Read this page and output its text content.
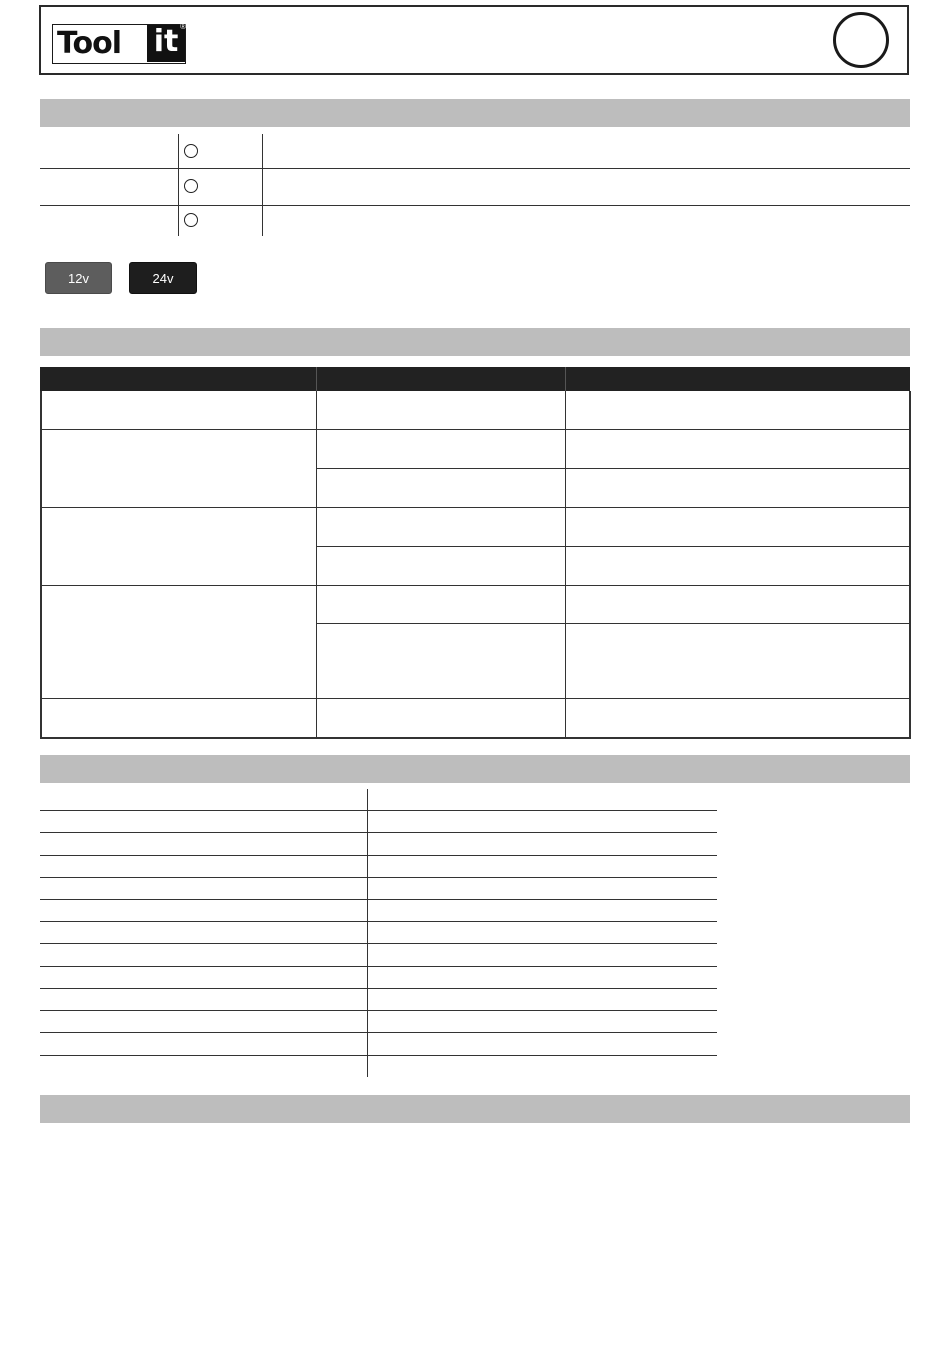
Tool it ®
12v	24v
